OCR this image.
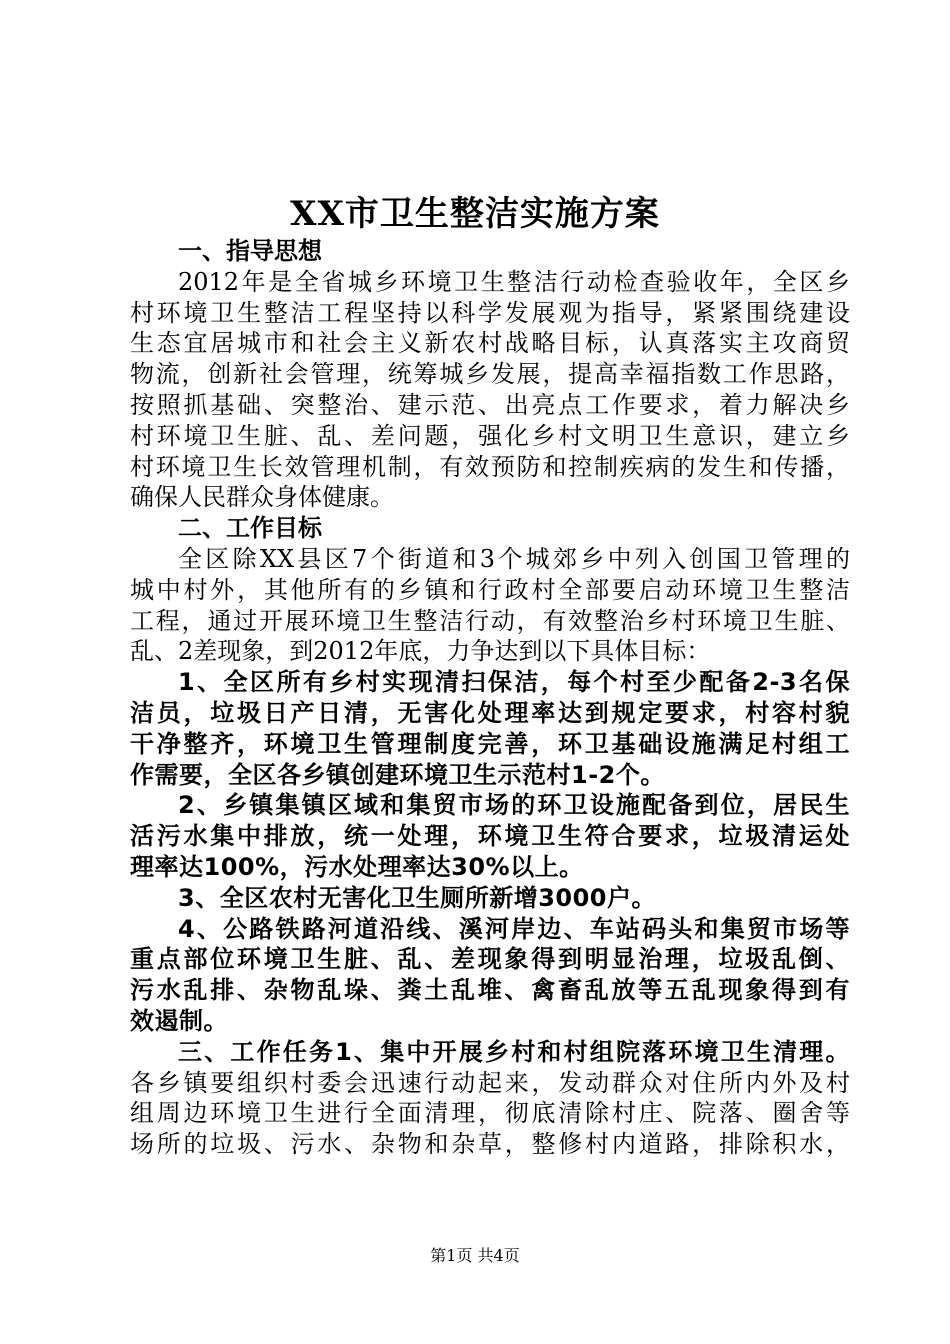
XX市卫生整洁实施方案
一、指导思想
2012年是全省城乡环境卫生整洁行动检查验收年，全区乡
村环境卫生整洁工程坚持以科学发展观为指导，紧紧围绕建设
生态宜居城市和社会主义新农村战略目标，认真落实主攻商贸
物流，创新社会管理，统筹城乡发展，提高幸福指数工作思路，
按照抓基础、突整治、建示范、出亮点工作要求，着力解决乡
村环境卫生脏、乱、差问题，强化乡村文明卫生意识，建立乡
村环境卫生长效管理机制，有效预防和控制疾病的发生和传播，
确保人民群众身体健康。
二、工作目标
全区除XX县区7个街道和3个城郊乡中列入创国卫管理的
城中村外，其他所有的乡镇和行政村全部要启动环境卫生整洁
工程，通过开展环境卫生整洁行动，有效整治乡村环境卫生脏、
乱、2差现象，到2012年底，力争达到以下具体目标：
1、全区所有乡村实现清扫保洁，每个村至少配备2-3名保
洁员，垃圾日产日清，无害化处理率达到规定要求，村容村貌
干净整齐，环境卫生管理制度完善，环卫基础设施满足村组工
作需要，全区各乡镇创建环境卫生示范村1-2个。
2、乡镇集镇区域和集贸市场的环卫设施配备到位，居民生
活污水集中排放，统一处理，环境卫生符合要求，垃圾清运处
理率达100%，污水处理率达30%以上。
3、全区农村无害化卫生厕所新增3000户。
4、公路铁路河道沿线、溪河岸边、车站码头和集贸市场等
重点部位环境卫生脏、乱、差现象得到明显治理，垃圾乱倒、
污水乱排、杂物乱垛、粪土乱堆、禽畜乱放等五乱现象得到有
效遏制。
三、工作任务1、集中开展乡村和村组院落环境卫生清理。
各乡镇要组织村委会迅速行动起来，发动群众对住所内外及村
组周边环境卫生进行全面清理，彻底清除村庄、院落、圈舍等
场所的垃圾、污水、杂物和杂草，整修村内道路，排除积水，
第1页 共4页
